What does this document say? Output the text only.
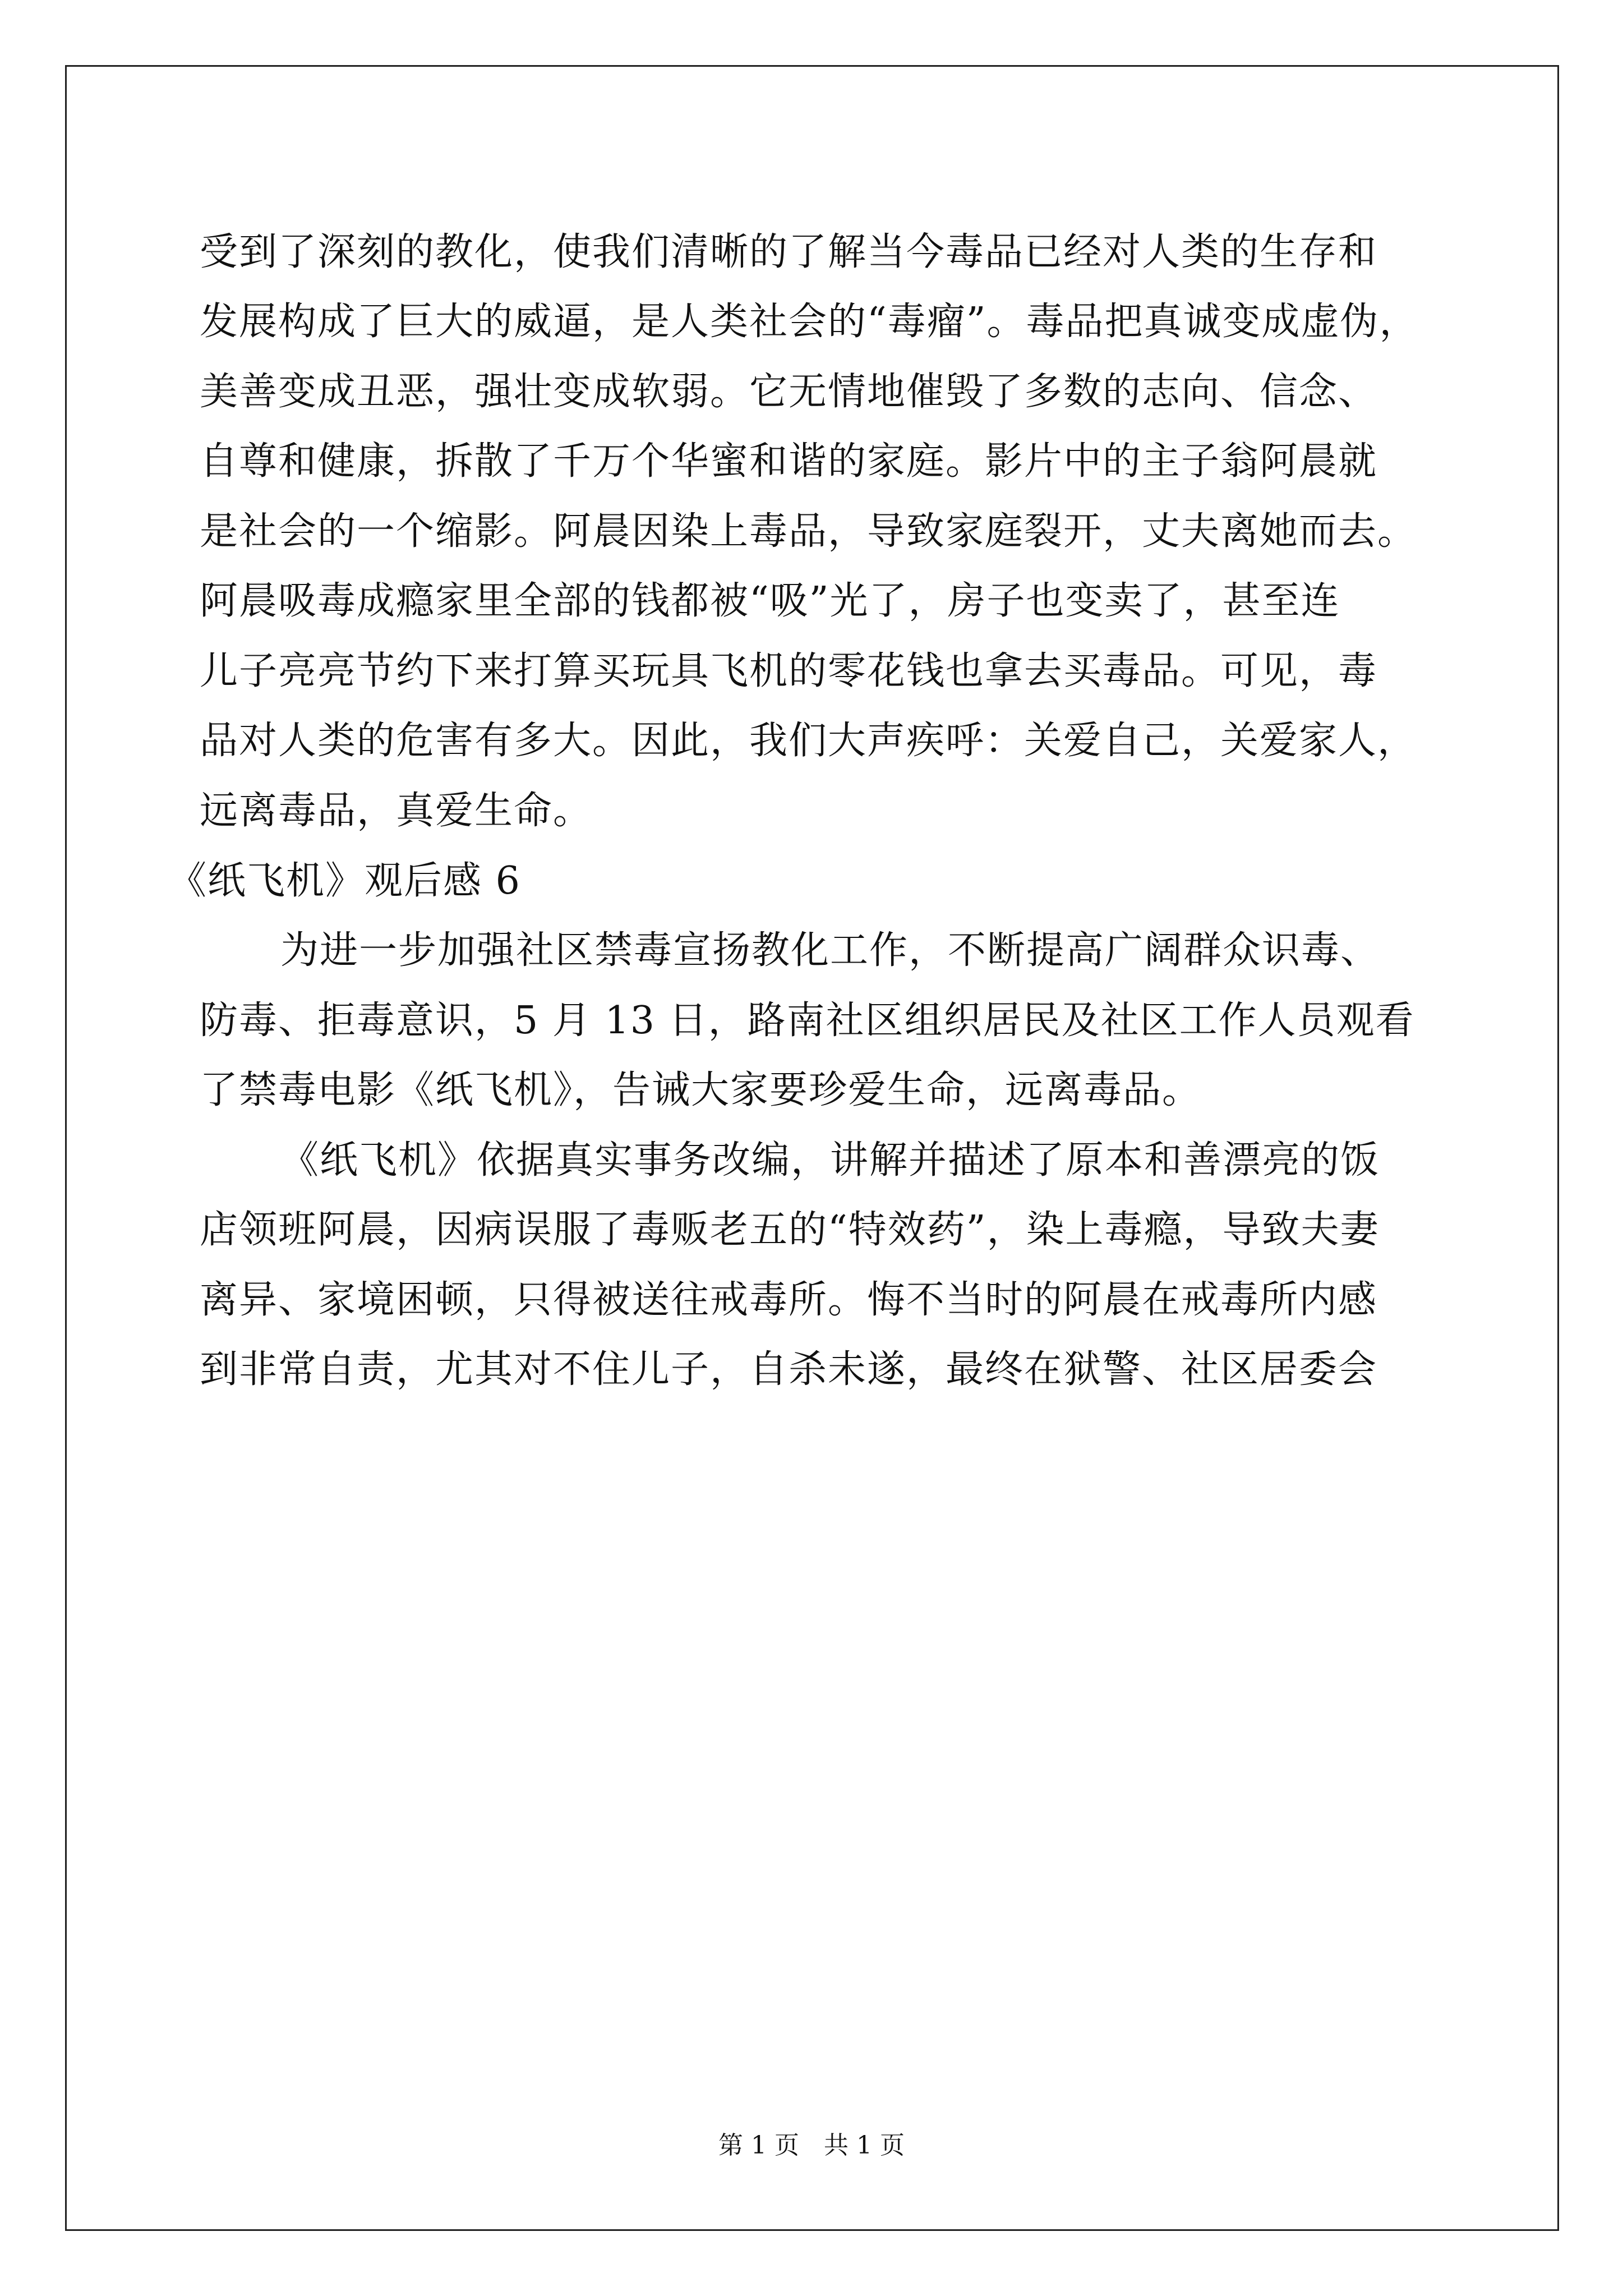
受到了深刻的教化，使我们清晰的了解当今毒品已经对人类的生存和
发展构成了巨大的威逼，是人类社会的“毒瘤”。毒品把真诚变成虚伪，
美善变成丑恶，强壮变成软弱。它无情地催毁了多数的志向、信念、
自尊和健康，拆散了千万个华蜜和谐的家庭。影片中的主子翁阿晨就
是社会的一个缩影。阿晨因染上毒品，导致家庭裂开，丈夫离她而去。
阿晨吸毒成瘾家里全部的钱都被“吸”光了，房子也变卖了，甚至连
儿子亮亮节约下来打算买玩具飞机的零花钱也拿去买毒品。可见，毒
品对人类的危害有多大。因此，我们大声疾呼：关爱自己，关爱家人，
远离毒品，真爱生命。
《纸飞机》观后感 6
为进一步加强社区禁毒宣扬教化工作，不断提高广阔群众识毒、
防毒、拒毒意识，5 月 13 日，路南社区组织居民及社区工作人员观看
了禁毒电影《纸飞机》，告诫大家要珍爱生命，远离毒品。
《纸飞机》依据真实事务改编，讲解并描述了原本和善漂亮的饭
店领班阿晨，因病误服了毒贩老五的“特效药”，染上毒瘾，导致夫妻
离异、家境困顿，只得被送往戒毒所。悔不当时的阿晨在戒毒所内感
到非常自责，尤其对不住儿子，自杀未遂，最终在狱警、社区居委会
第 1 页　共 1 页
